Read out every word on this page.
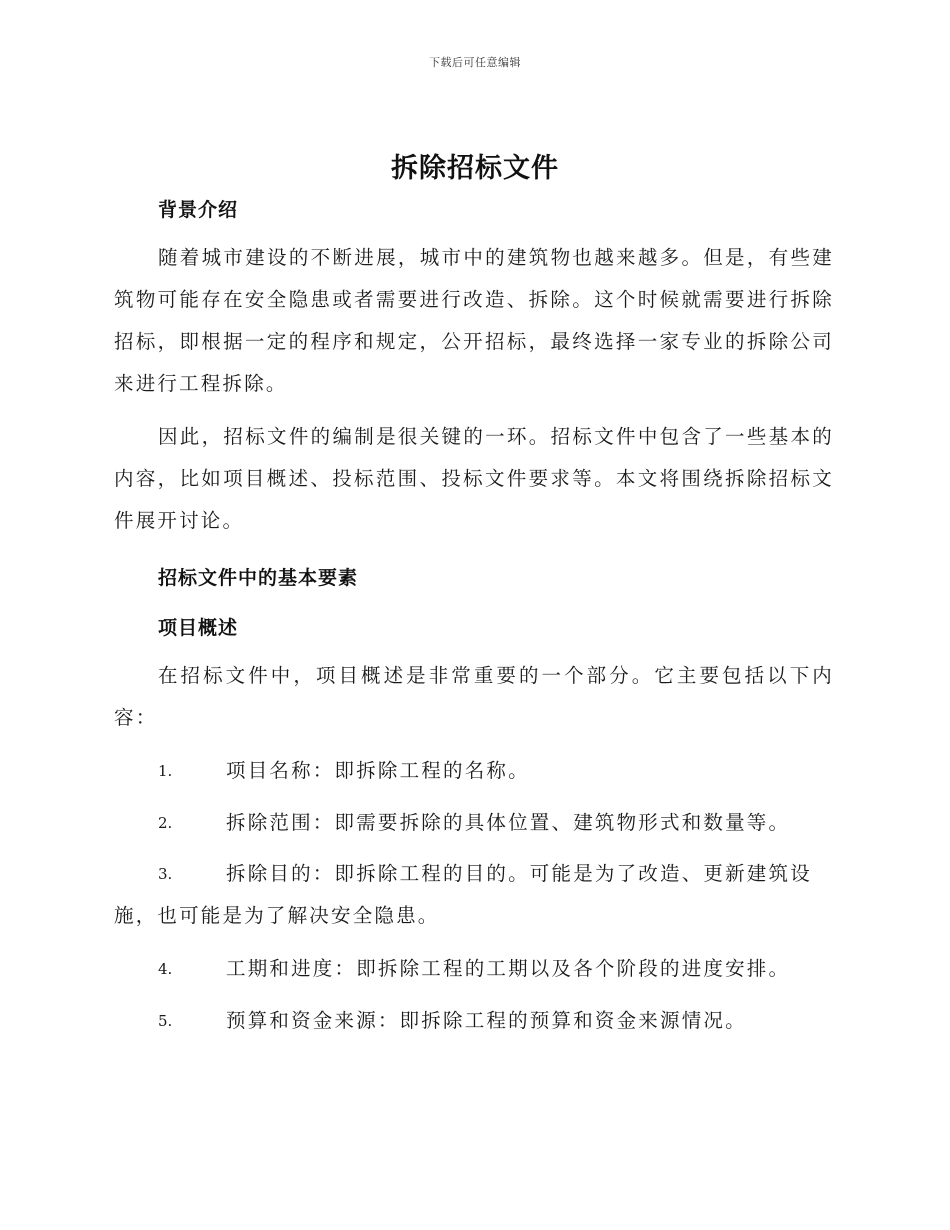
下载后可任意编辑
拆除招标文件
背景介绍

随着城市建设的不断进展，城市中的建筑物也越来越多。但是，有些建筑物可能存在安全隐患或者需要进行改造、拆除。这个时候就需要进行拆除招标，即根据一定的程序和规定，公开招标，最终选择一家专业的拆除公司来进行工程拆除。

因此，招标文件的编制是很关键的一环。招标文件中包含了一些基本的内容，比如项目概述、投标范围、投标文件要求等。本文将围绕拆除招标文件展开讨论。

招标文件中的基本要素
项目概述

在招标文件中，项目概述是非常重要的一个部分。它主要包括以下内容：

1.	项目名称：即拆除工程的名称。
2.	拆除范围：即需要拆除的具体位置、建筑物形式和数量等。
3.	拆除目的：即拆除工程的目的。可能是为了改造、更新建筑设
施，也可能是为了解决安全隐患。
4.	工期和进度：即拆除工程的工期以及各个阶段的进度安排。
5.	预算和资金来源：即拆除工程的预算和资金来源情况。
